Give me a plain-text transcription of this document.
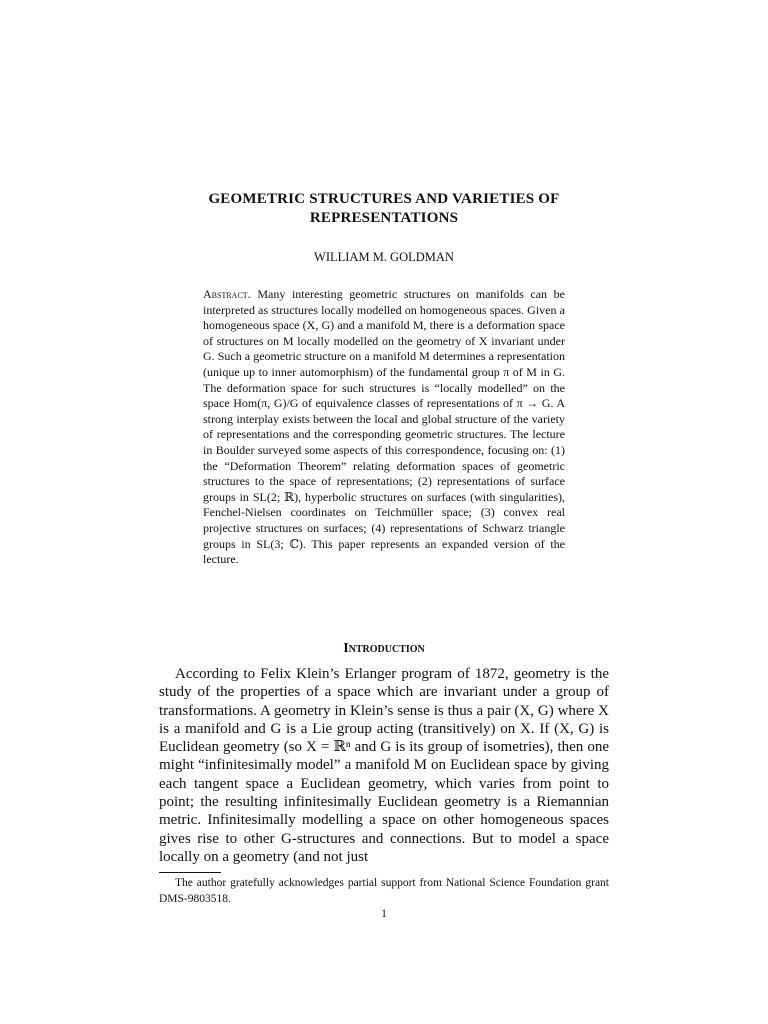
GEOMETRIC STRUCTURES AND VARIETIES OF
REPRESENTATIONS

WILLIAM M. GOLDMAN

Abstract. Many interesting geometric structures on manifolds can be interpreted as structures locally modelled on homogeneous spaces. Given a homogeneous space (X, G) and a manifold M, there is a deformation space of structures on M locally modelled on the geometry of X invariant under G. Such a geometric structure on a manifold M determines a representation (unique up to inner automorphism) of the fundamental group π of M in G. The deformation space for such structures is “locally modelled” on the space Hom(π, G)/G of equivalence classes of representations of π → G. A strong interplay exists between the local and global structure of the variety of representations and the corresponding geometric structures. The lecture in Boulder surveyed some aspects of this correspondence, focusing on: (1) the “Deformation Theorem” relating deformation spaces of geometric structures to the space of representations; (2) representations of surface groups in SL(2; ℝ), hyperbolic structures on surfaces (with singularities), Fenchel-Nielsen coordinates on Teichmüller space; (3) convex real projective structures on surfaces; (4) representations of Schwarz triangle groups in SL(3; ℂ). This paper represents an expanded version of the lecture.

Introduction

According to Felix Klein’s Erlanger program of 1872, geometry is the study of the properties of a space which are invariant under a group of transformations. A geometry in Klein’s sense is thus a pair (X, G) where X is a manifold and G is a Lie group acting (transitively) on X. If (X, G) is Euclidean geometry (so X = ℝⁿ and G is its group of isometries), then one might “infinitesimally model” a manifold M on Euclidean space by giving each tangent space a Euclidean geometry, which varies from point to point; the resulting infinitesimally Euclidean geometry is a Riemannian metric. Infinitesimally modelling a space on other homogeneous spaces gives rise to other G-structures and connections. But to model a space locally on a geometry (and not just

The author gratefully acknowledges partial support from National Science Foundation grant DMS-9803518.

1
